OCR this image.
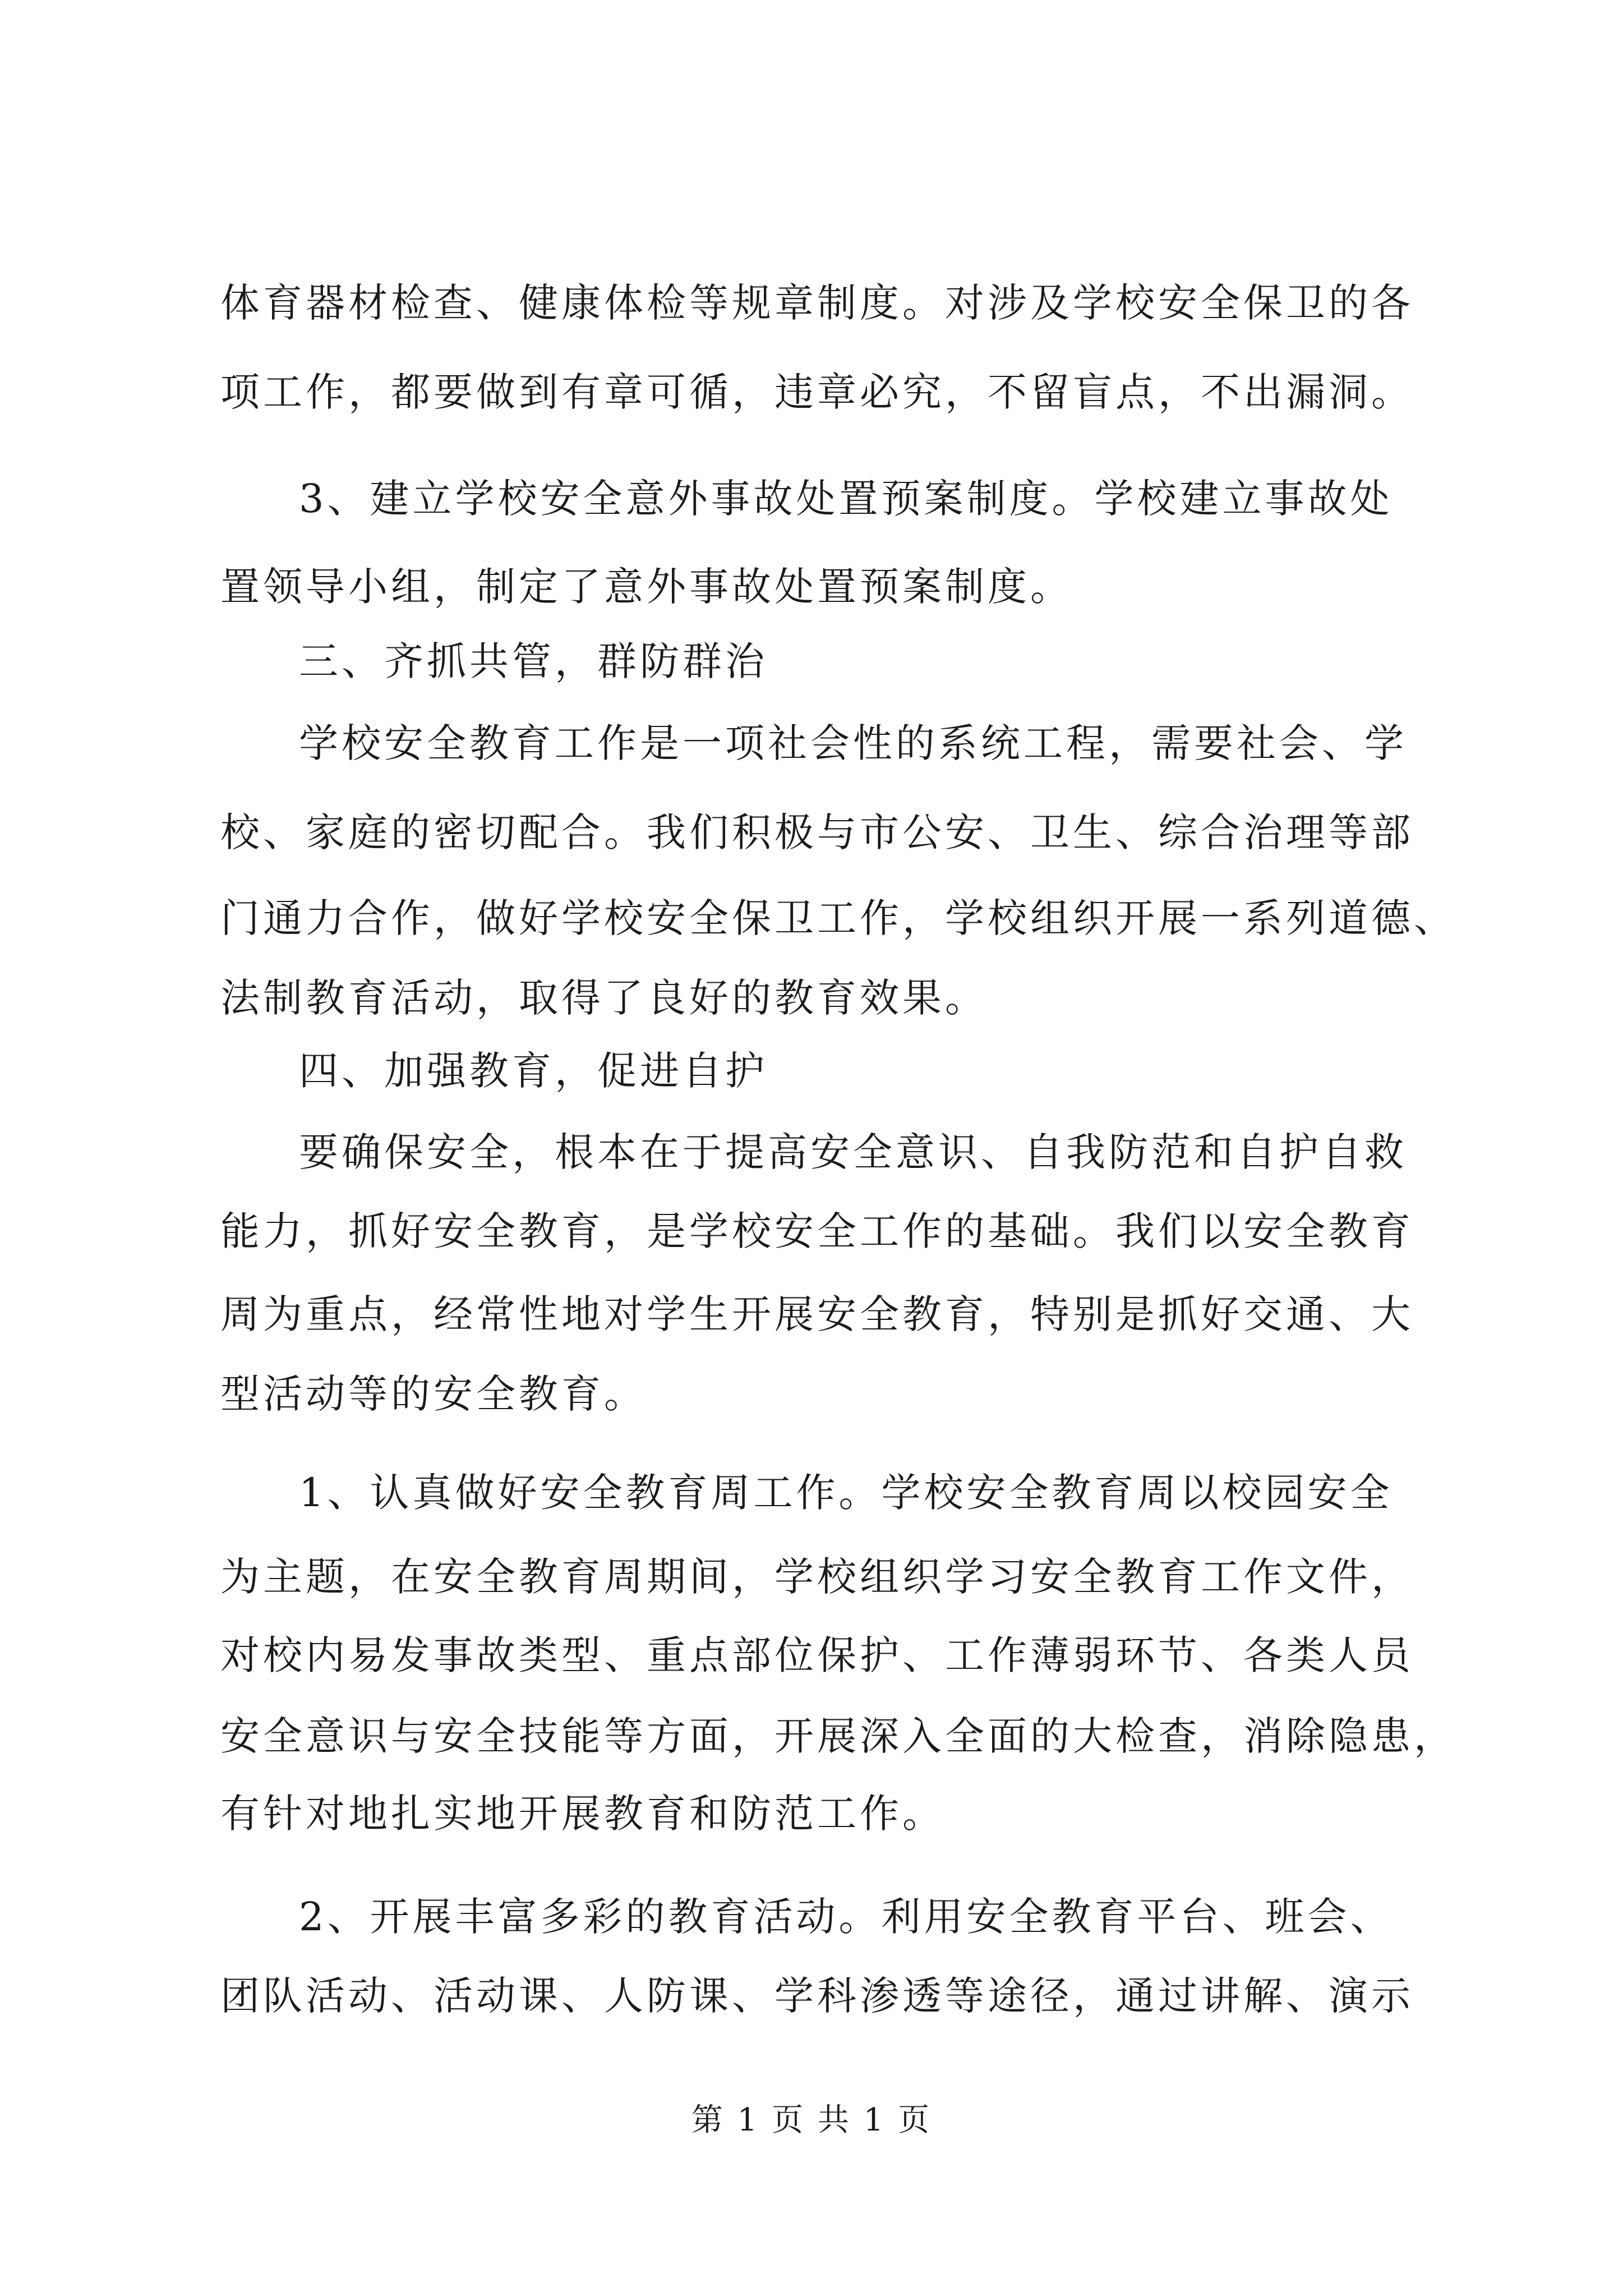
体育器材检查、健康体检等规章制度。对涉及学校安全保卫的各
项工作，都要做到有章可循，违章必究，不留盲点，不出漏洞。
3、建立学校安全意外事故处置预案制度。学校建立事故处
置领导小组，制定了意外事故处置预案制度。
三、齐抓共管，群防群治
学校安全教育工作是一项社会性的系统工程，需要社会、学
校、家庭的密切配合。我们积极与市公安、卫生、综合治理等部
门通力合作，做好学校安全保卫工作，学校组织开展一系列道德、
法制教育活动，取得了良好的教育效果。
四、加强教育，促进自护
要确保安全，根本在于提高安全意识、自我防范和自护自救
能力，抓好安全教育，是学校安全工作的基础。我们以安全教育
周为重点，经常性地对学生开展安全教育，特别是抓好交通、大
型活动等的安全教育。
1、认真做好安全教育周工作。学校安全教育周以校园安全
为主题，在安全教育周期间，学校组织学习安全教育工作文件，
对校内易发事故类型、重点部位保护、工作薄弱环节、各类人员
安全意识与安全技能等方面，开展深入全面的大检查，消除隐患，
有针对地扎实地开展教育和防范工作。
2、开展丰富多彩的教育活动。利用安全教育平台、班会、
团队活动、活动课、人防课、学科渗透等途径，通过讲解、演示
第 1 页 共 1 页
